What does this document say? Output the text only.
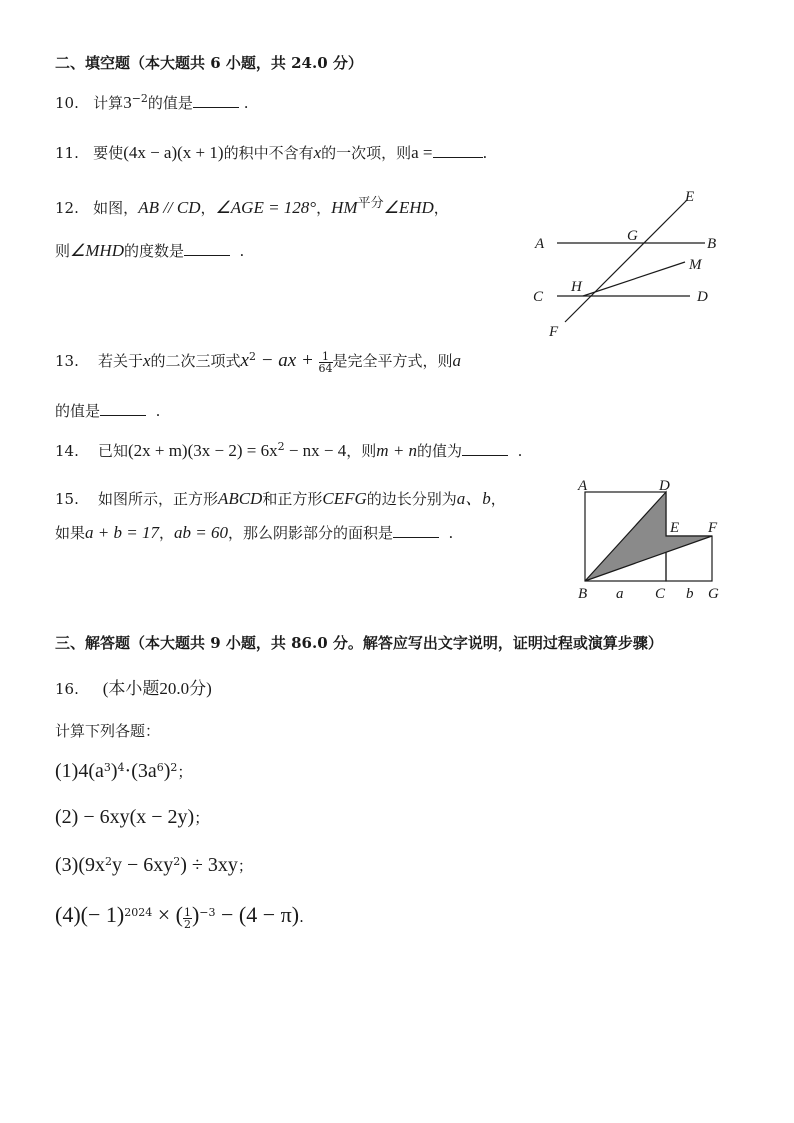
二、填空题（本大题共 6 小题，共 24.0 分）
10. 计算$3^{-2}$的值是	.
11. 要使(4x − a)(x + 1)的积中不含有x的一次项，则a =	.
12. 如图，AB // CD，∠AGE = 128°，$HM^{平分}\angle EHD$，
则∠MHD的度数是	.
E
A	G	B
M
C
H
D
F
13. 若关于x的二次三项式$x^2$ − ax + $\frac{1}{64}$ 是完全平方式，则a
的值是	.
14. 已知$(2x + m)(3x - 2) = 6x^2$ − nx − 4，则m + n的值为	.
15. 如图所示，正方形ABCD和正方形CEFG的边长分别为a、b，
如果a + b = 17，ab = 60，那么阴影部分的面积是	.
A	D
E F
B a C b G
三、解答题（本大题共 9 小题，共 86.0 分。解答应写出文字说明，证明过程或演算步骤）
16. (本小题20.0分)
计算下列各题：
$(1)4(a^3)^4\cdot(3a^6)^2$；
(2) − 6xy(x − 2y)；
$(3)(9x^2y - 6xy^2) \div 3xy$；
$(4)(- 1)^{2024}$ × ( $\frac{1}{2} )^{-3} - (4 - \pi)$.
